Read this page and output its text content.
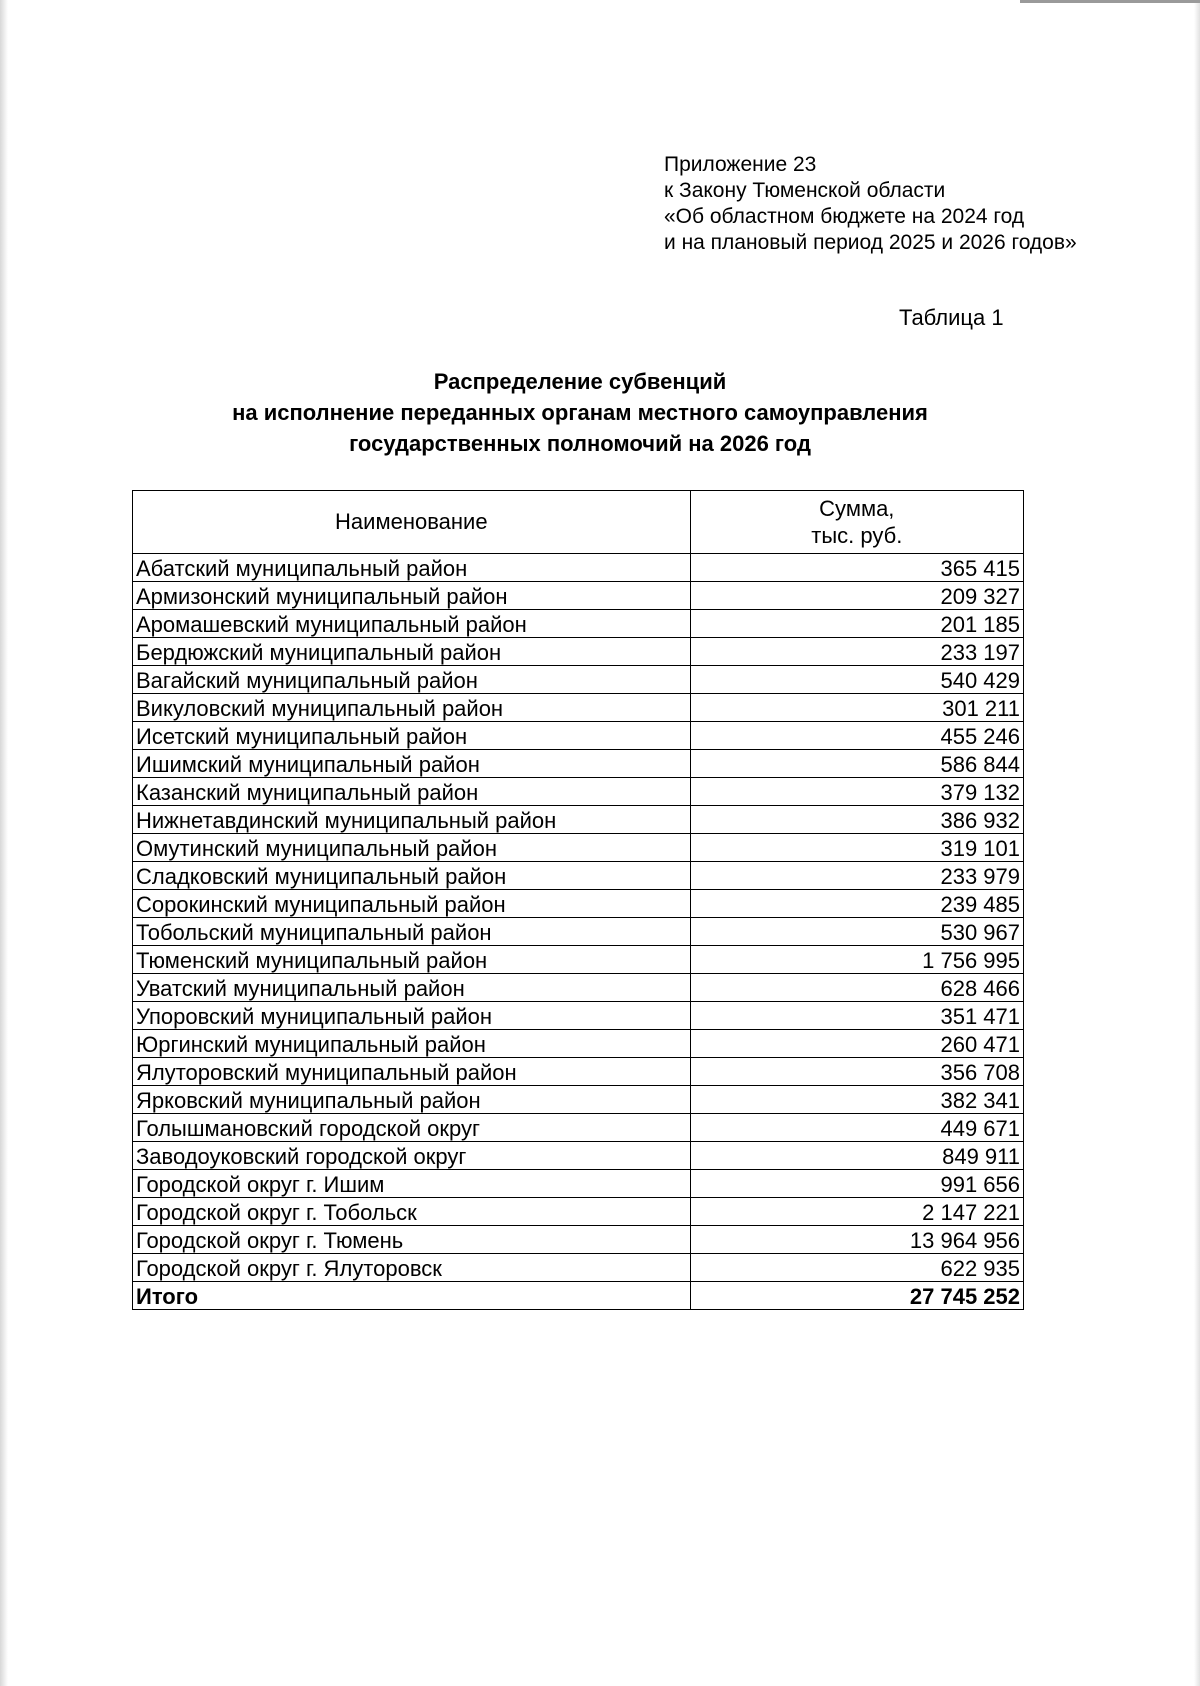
Приложение 23
к Закону Тюменской области
«Об областном бюджете на 2024 год
и на плановый период 2025 и 2026 годов»
Таблица 1
Распределение субвенций
на исполнение переданных органам местного самоуправления
государственных полномочий на 2026 год
Наименование	Сумма,
тыс. руб.

Абатский муниципальный район	365 415
Армизонский муниципальный район	209 327
Аромашевский муниципальный район	201 185
Бердюжский муниципальный район	233 197
Вагайский муниципальный район	540 429
Викуловский муниципальный район	301 211
Исетский муниципальный район	455 246
Ишимский муниципальный район	586 844
Казанский муниципальный район	379 132
Нижнетавдинский муниципальный район	386 932
Омутинский муниципальный район	319 101
Сладковский муниципальный район	233 979
Сорокинский муниципальный район	239 485
Тобольский муниципальный район	530 967
Тюменский муниципальный район	1 756 995
Уватский муниципальный район	628 466
Упоровский муниципальный район	351 471
Юргинский муниципальный район	260 471
Ялуторовский муниципальный район	356 708
Ярковский муниципальный район	382 341
Голышмановский городской округ	449 671
Заводоуковский городской округ	849 911
Городской округ г. Ишим	991 656
Городской округ г. Тобольск	2 147 221
Городской округ г. Тюмень	13 964 956
Городской округ г. Ялуторовск	622 935
Итого	27 745 252
